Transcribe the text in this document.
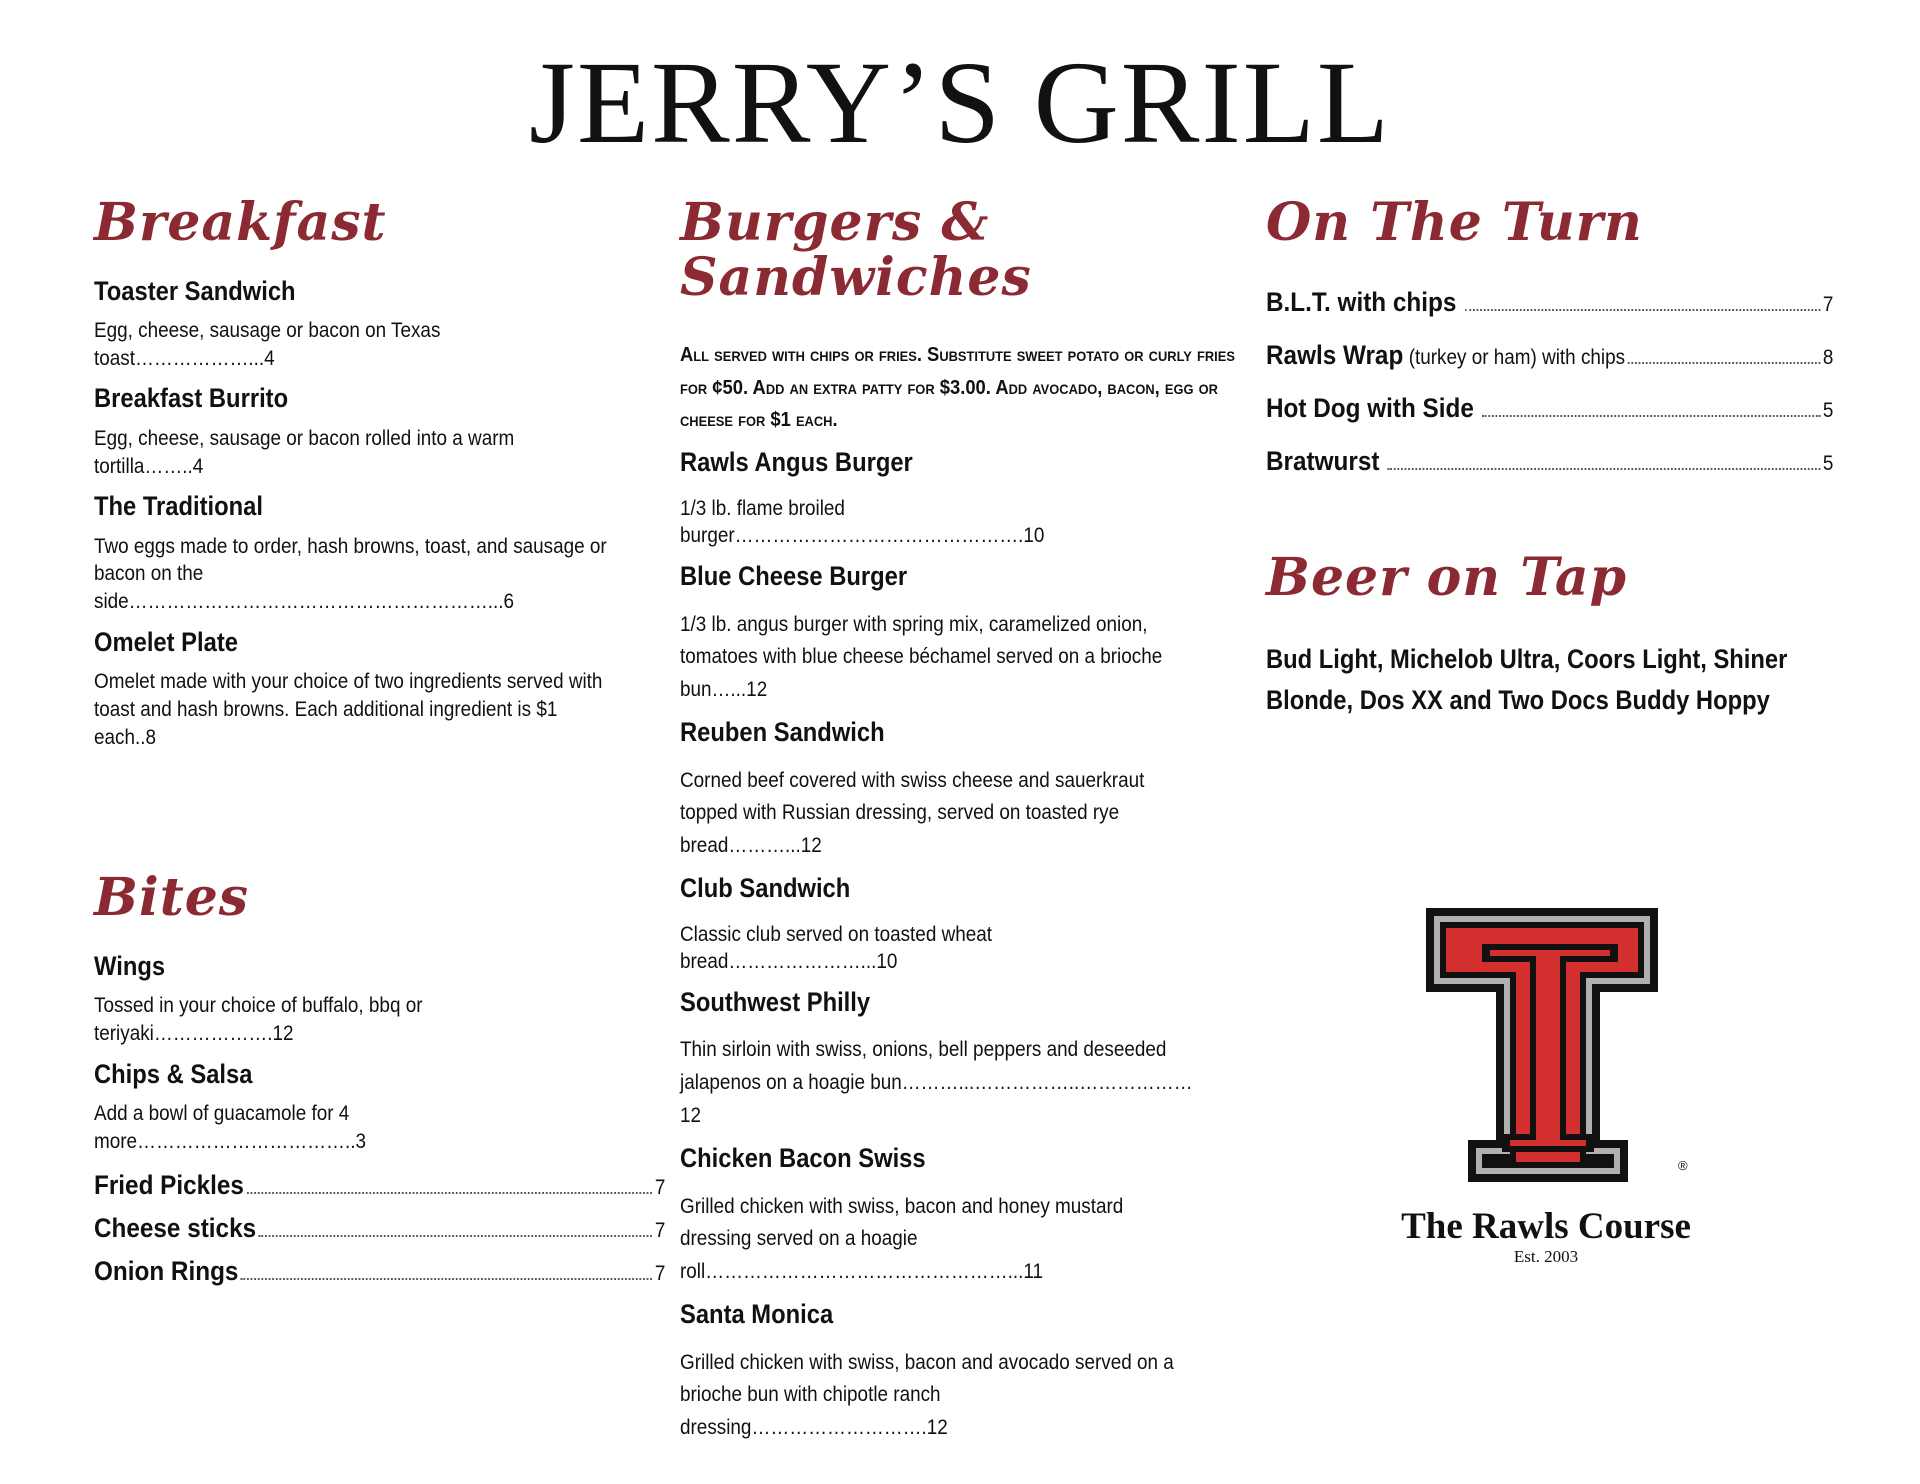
JERRY’S GRILL
Breakfast
Toaster Sandwich
Egg, cheese, sausage or bacon on Texas toast………………...4
Breakfast Burrito
Egg, cheese, sausage or bacon rolled into a warm tortilla……..4
The Traditional
Two eggs made to order, hash browns, toast, and sausage or bacon on the side…………………………………………………...6
Omelet Plate
Omelet made with your choice of two ingredients served with toast and hash browns. Each additional ingredient is $1 each..8
Bites
Wings
Tossed in your choice of buffalo, bbq or teriyaki……………….12
Chips & Salsa
Add a bowl of guacamole for 4 more……………………………..3
Fried Pickles	7
Cheese sticks	7
Onion Rings	7
Burgers & Sandwiches

All served with chips or fries. Substitute sweet potato or curly fries for ¢50. Add an extra patty for $3.00. Add avocado, bacon, egg or cheese for $1 each.

Rawls Angus Burger
1/3 lb. flame broiled burger……………………………………….10
Blue Cheese Burger
1/3 lb. angus burger with spring mix, caramelized onion, tomatoes with blue cheese béchamel served on a brioche bun…...12
Reuben Sandwich
Corned beef covered with swiss cheese and sauerkraut topped with Russian dressing, served on toasted rye bread………...12
Club Sandwich
Classic club served on toasted wheat bread…………………...10
Southwest Philly
Thin sirloin with swiss, onions, bell peppers and deseeded jalapenos on a hoagie bun………...……………..………………12
Chicken Bacon Swiss
Grilled chicken with swiss, bacon and honey mustard dressing served on a hoagie roll…………………………………………...11
Santa Monica
Grilled chicken with swiss, bacon and avocado served on a brioche bun with chipotle ranch dressing……………………….12
On The Turn
B.L.T. with chips	7
Rawls Wrap (turkey or ham) with chips	8
Hot Dog with Side	5
Bratwurst	5
Beer on Tap

Bud Light, Michelob Ultra, Coors Light, Shiner Blonde, Dos XX and Two Docs Buddy Hoppy

®
The Rawls Course
Est. 2003
